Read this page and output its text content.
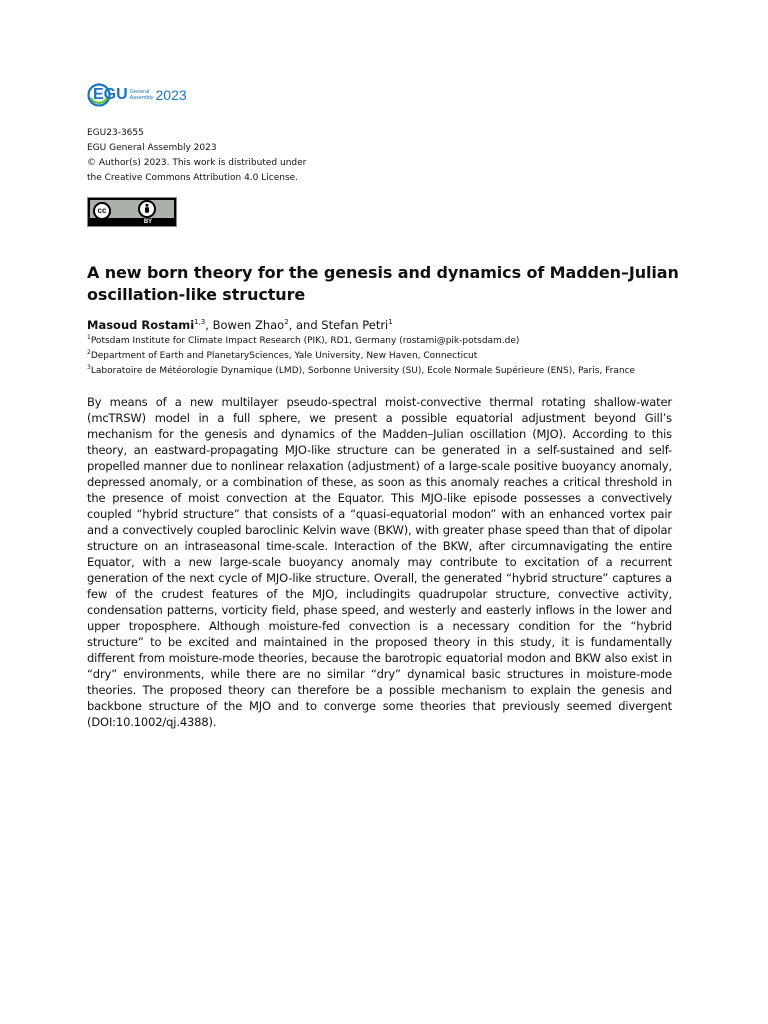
EGU General
Assembly 2023
EGU23-3655
EGU General Assembly 2023
© Author(s) 2023. This work is distributed under
the Creative Commons Attribution 4.0 License.
cc
BY
A new born theory for the genesis and dynamics of Madden–Julian oscillation-like structure
Masoud Rostami$^{1,3}$, Bowen Zhao$^2$, and Stefan Petri$^1$
$^1$Potsdam Institute for Climate Impact Research (PIK), RD1, Germany (rostami@pik-potsdam.de)
$^2$Department of Earth and PlanetarySciences, Yale University, New Haven, Connecticut
$^3$Laboratoire de Météorologie Dynamique (LMD), Sorbonne University (SU), Ecole Normale Supérieure (ENS), Paris, France

By means of a new multilayer pseudo-spectral moist-convective thermal rotating shallow-water (mcTRSW) model in a full sphere, we present a possible equatorial adjustment beyond Gill’s mechanism for the genesis and dynamics of the Madden–Julian oscillation (MJO). According to this theory, an eastward-propagating MJO-like structure can be generated in a self-sustained and self-propelled manner due to nonlinear relaxation (adjustment) of a large-scale positive buoyancy anomaly, depressed anomaly, or a combination of these, as soon as this anomaly reaches a critical threshold in the presence of moist convection at the Equator. This MJO-like episode possesses a convectively coupled “hybrid structure” that consists of a “quasi-equatorial modon” with an enhanced vortex pair and a convectively coupled baroclinic Kelvin wave (BKW), with greater phase speed than that of dipolar structure on an intraseasonal time-scale. Interaction of the BKW, after circumnavigating the entire Equator, with a new large-scale buoyancy anomaly may contribute to excitation of a recurrent generation of the next cycle of MJO-like structure. Overall, the generated “hybrid structure” captures a few of the crudest features of the MJO, includingits quadrupolar structure, convective activity, condensation patterns, vorticity field, phase speed, and westerly and easterly inflows in the lower and upper troposphere. Although moisture-fed convection is a necessary condition for the “hybrid structure” to be excited and maintained in the proposed theory in this study, it is fundamentally different from moisture-mode theories, because the barotropic equatorial modon and BKW also exist in “dry” environments, while there are no similar “dry” dynamical basic structures in moisture-mode theories. The proposed theory can therefore be a possible mechanism to explain the genesis and backbone structure of the MJO and to converge some theories that previously seemed divergent (DOI:10.1002/qj.4388).
